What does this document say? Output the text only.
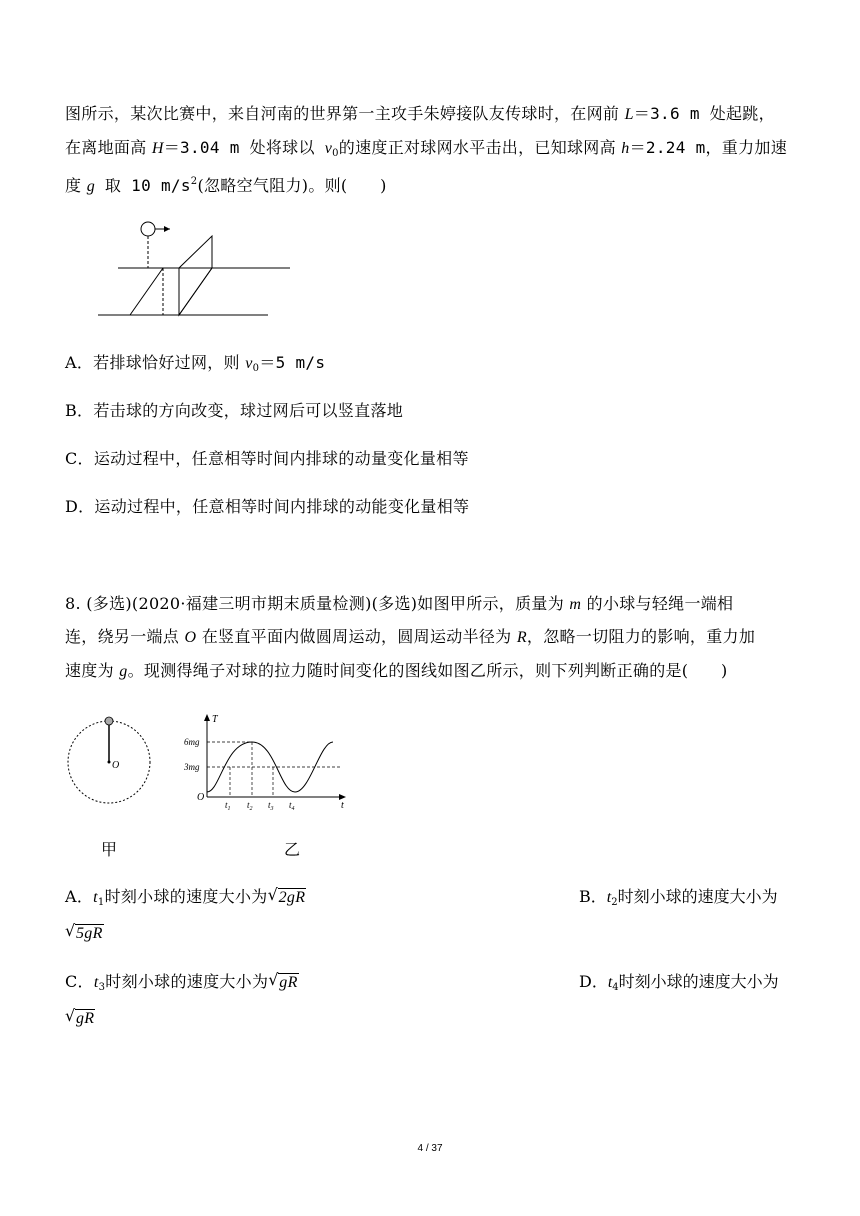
图所示，某次比赛中，来自河南的世界第一主攻手朱婷接队友传球时，在网前 L＝3.6 m 处起跳，
在离地面高 H＝3.04 m 处将球以 $v_0$的速度正对球网水平击出，已知球网高 h＝2.24 m，重力加速
度 g 取 10 $m/s^2$(忽略空气阻力)。则(　　)
A．若排球恰好过网，则 $v_0=5$ m/s
B．若击球的方向改变，球过网后可以竖直落地
C．运动过程中，任意相等时间内排球的动量变化量相等
D．运动过程中，任意相等时间内排球的动能变化量相等
8. (多选)(2020·福建三明市期末质量检测)(多选)如图甲所示，质量为 m 的小球与轻绳一端相
连，绕另一端点 O 在竖直平面内做圆周运动，圆周运动半径为 R，忽略一切阻力的影响，重力加
速度为 g。现测得绳子对球的拉力随时间变化的图线如图乙所示，则下列判断正确的是(　　)
O
T
t
O
6mg
3mg
$t_1$ $t_2$ $t_3$ $t_4$
甲	乙
A．$t_1$时刻小球的速度大小为 √ 2gR	B．$t_2$时刻小球的速度大小为
√ 5gR
C．$t_3$时刻小球的速度大小为 √ gR	D．$t_4$时刻小球的速度大小为
√ gR
4 / 37
